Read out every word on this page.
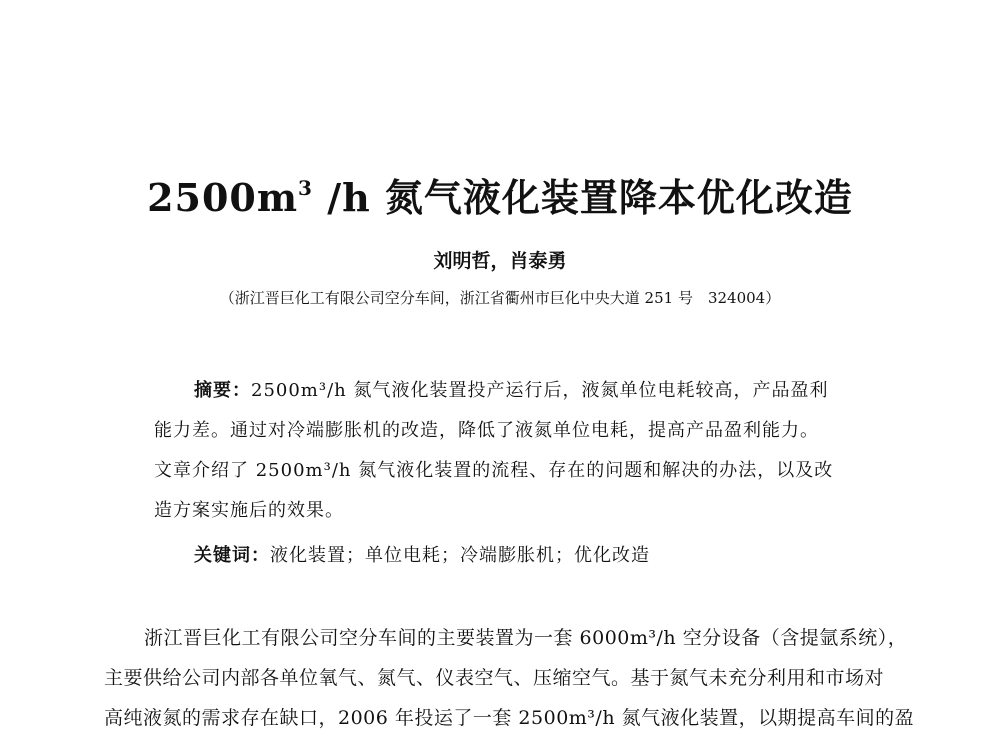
$2500m^3$ /h 氮气液化装置降本优化改造
刘明哲，肖泰勇
（浙江晋巨化工有限公司空分车间，浙江省衢州市巨化中央大道 251 号　324004）
摘要：2500m³/h 氮气液化装置投产运行后，液氮单位电耗较高，产品盈利
能力差。通过对冷端膨胀机的改造，降低了液氮单位电耗，提高产品盈利能力。
文章介绍了 2500m³/h 氮气液化装置的流程、存在的问题和解决的办法，以及改
造方案实施后的效果。
关键词：液化装置；单位电耗；冷端膨胀机；优化改造
浙江晋巨化工有限公司空分车间的主要装置为一套 6000m³/h 空分设备（含提氩系统），
主要供给公司内部各单位氧气、氮气、仪表空气、压缩空气。基于氮气未充分利用和市场对
高纯液氮的需求存在缺口，2006 年投运了一套 2500m³/h 氮气液化装置，以期提高车间的盈
